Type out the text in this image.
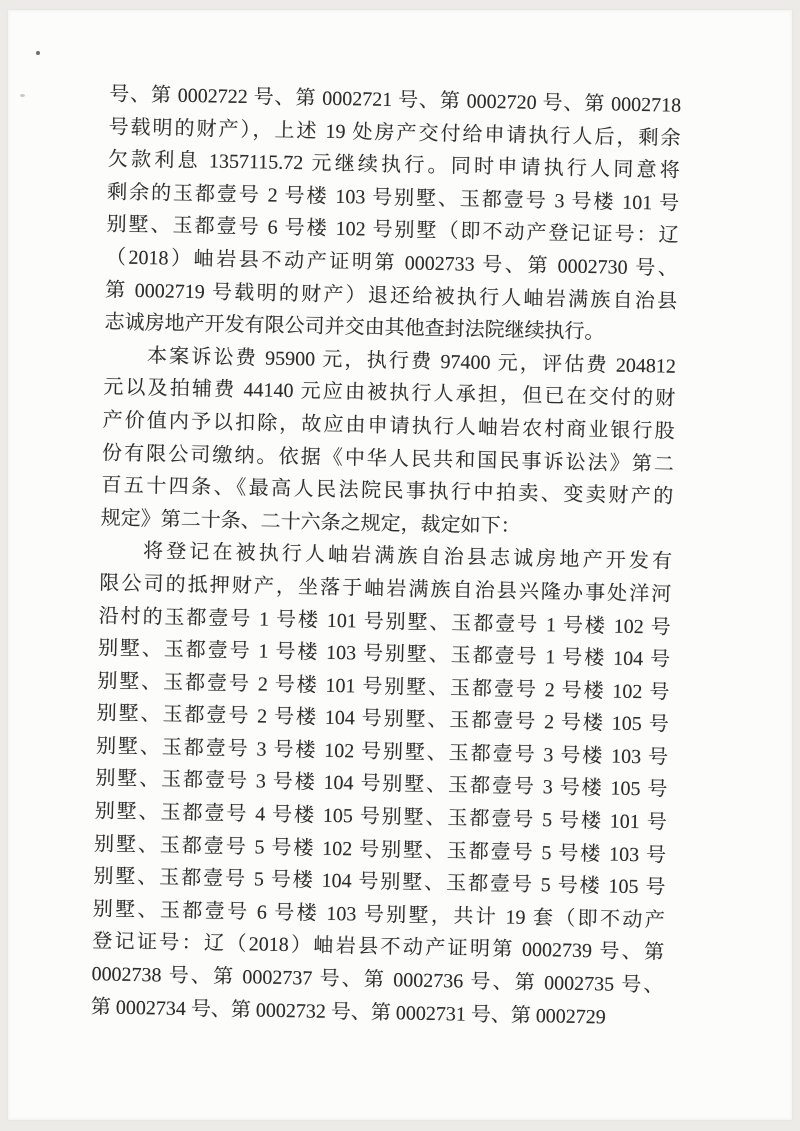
号、第 0002722 号、第 0002721 号、第 0002720 号、第 0002718
号载明的财产），上述 19 处房产交付给申请执行人后，剩余
欠款利息 1357115.72 元继续执行。同时申请执行人同意将
剩余的玉都壹号 2 号楼 103 号别墅、玉都壹号 3 号楼 101 号
别墅、玉都壹号 6 号楼 102 号别墅（即不动产登记证号：辽
（2018）岫岩县不动产证明第 0002733 号、第 0002730 号、
第 0002719 号载明的财产）退还给被执行人岫岩满族自治县
志诚房地产开发有限公司并交由其他查封法院继续执行。
本案诉讼费 95900 元，执行费 97400 元，评估费 204812
元以及拍辅费 44140 元应由被执行人承担，但已在交付的财
产价值内予以扣除，故应由申请执行人岫岩农村商业银行股
份有限公司缴纳。依据《中华人民共和国民事诉讼法》第二
百五十四条、《最高人民法院民事执行中拍卖、变卖财产的
规定》第二十条、二十六条之规定，裁定如下：
将登记在被执行人岫岩满族自治县志诚房地产开发有
限公司的抵押财产，坐落于岫岩满族自治县兴隆办事处洋河
沿村的玉都壹号 1 号楼 101 号别墅、玉都壹号 1 号楼 102 号
别墅、玉都壹号 1 号楼 103 号别墅、玉都壹号 1 号楼 104 号
别墅、玉都壹号 2 号楼 101 号别墅、玉都壹号 2 号楼 102 号
别墅、玉都壹号 2 号楼 104 号别墅、玉都壹号 2 号楼 105 号
别墅、玉都壹号 3 号楼 102 号别墅、玉都壹号 3 号楼 103 号
别墅、玉都壹号 3 号楼 104 号别墅、玉都壹号 3 号楼 105 号
别墅、玉都壹号 4 号楼 105 号别墅、玉都壹号 5 号楼 101 号
别墅、玉都壹号 5 号楼 102 号别墅、玉都壹号 5 号楼 103 号
别墅、玉都壹号 5 号楼 104 号别墅、玉都壹号 5 号楼 105 号
别墅、玉都壹号 6 号楼 103 号别墅，共计 19 套（即不动产
登记证号：辽（2018）岫岩县不动产证明第 0002739 号、第
0002738 号、第 0002737 号、第 0002736 号、第 0002735 号、
第 0002734 号、第 0002732 号、第 0002731 号、第 0002729
